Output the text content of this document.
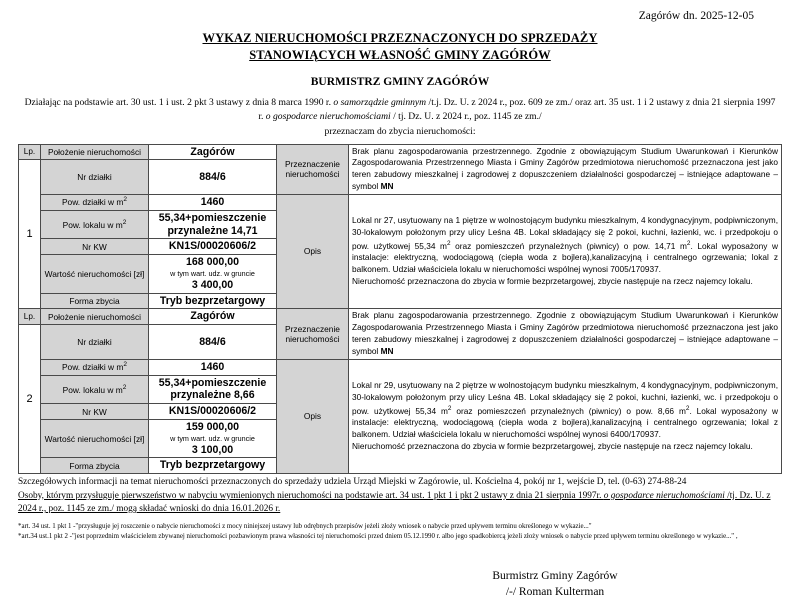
Zagórów dn. 2025-12-05
WYKAZ NIERUCHOMOŚCI PRZEZNACZONYCH DO SPRZEDAŻY
STANOWIĄCYCH WŁASNOŚĆ GMINY ZAGÓRÓW
BURMISTRZ GMINY ZAGÓRÓW
Działając na podstawie art. 30 ust. 1 i ust. 2 pkt 3 ustawy z dnia 8 marca 1990 r. o samorządzie gminnym /t.j. Dz. U. z 2024 r., poz. 609 ze zm./ oraz art. 35 ust. 1 i 2 ustawy z dnia 21 sierpnia 1997 r. o gospodarce nieruchomościami / tj. Dz. U. z 2024 r., poz. 1145 ze zm./
przeznaczam do zbycia nieruchomości:
Lp.	Położenie nieruchomości	Zagórów	Przeznaczenie nieruchomości	Brak planu zagospodarowania przestrzennego. Zgodnie z obowiązującym Studium Uwarunkowań i Kierunków Zagospodarowania Przestrzennego Miasta i Gminy Zagórów przedmiotowa nieruchomość przeznaczona jest jako teren zabudowy mieszkalnej i zagrodowej z dopuszczeniem działalności gospodarczej – istniejące adaptowane – symbol MN
1	Nr działki	884/6		
	Pow. działki w $m^2$	1460	Opis	Lokal nr 27, usytuowany na 1 piętrze w wolnostojącym budynku mieszkalnym, 4 kondygnacyjnym, podpiwniczonym, 30-lokalowym położonym przy ulicy Leśna 4B. Lokal składający się 2 pokoi, kuchni, łazienki, wc. i przedpokoju o pow. użytkowej 55,34 $m^2$ oraz pomieszczeń przynależnych (piwnicy) o pow. 14,71 $m^2$. Lokal wyposażony w instalacje: elektryczną, wodociągową (ciepła woda z bojlera),kanalizacyjną i centralnego ogrzewania; lokal z balkonem. Udział właściciela lokalu w nieruchomości wspólnej wynosi 7005/170937.

Nieruchomość przeznaczona do zbycia w formie bezprzetargowej, zbycie następuje na rzecz najemcy lokalu.

	Pow. lokalu w $m^2$	55,34+pomieszczenie przynależne 14,71		
	Nr KW	KN1S/00020606/2		
	Wartość nieruchomości [zł]	168 000,00
w tym wart. udz. w gruncie
3 400,00		
	Forma zbycia	Tryb bezprzetargowy		
Lp.	Położenie nieruchomości	Zagórów	Przeznaczenie nieruchomości	Brak planu zagospodarowania przestrzennego. Zgodnie z obowiązującym Studium Uwarunkowań i Kierunków Zagospodarowania Przestrzennego Miasta i Gminy Zagórów przedmiotowa nieruchomość przeznaczona jest jako teren zabudowy mieszkalnej i zagrodowej z dopuszczeniem działalności gospodarczej – istniejące adaptowane – symbol MN
2	Nr działki	884/6		
	Pow. działki w $m^2$	1460	Opis	Lokal nr 29, usytuowany na 2 piętrze w wolnostojącym budynku mieszkalnym, 4 kondygnacyjnym, podpiwniczonym, 30-lokalowym położonym przy ulicy Leśna 4B. Lokal składający się 2 pokoi, kuchni, łazienki, wc. i przedpokoju o pow. użytkowej 55,34 $m^2$ oraz pomieszczeń przynależnych (piwnicy) o pow. 8,66 $m^2$. Lokal wyposażony w instalacje: elektryczną, wodociągową (ciepła woda z bojlera),kanalizacyjną i centralnego ogrzewania; lokal z balkonem. Udział właściciela lokalu w nieruchomości wspólnej wynosi 6400/170937.

Nieruchomość przeznaczona do zbycia w formie bezprzetargowej, zbycie następuje na rzecz najemcy lokalu.

	Pow. lokalu w $m^2$	55,34+pomieszczenie przynależne 8,66		
	Nr KW	KN1S/00020606/2		
	Wartość nieruchomości [zł]	159 000,00
w tym wart. udz. w gruncie
3 100,00		
	Forma zbycia	Tryb bezprzetargowy		
Szczegółowych informacji na temat nieruchomości przeznaczonych do sprzedaży udziela Urząd Miejski w Zagórowie, ul. Kościelna 4, pokój nr 1, wejście D, tel. (0-63) 274-88-24
Osoby, którym przysługuje pierwszeństwo w nabyciu wymienionych nieruchomości na podstawie art. 34 ust. 1 pkt 1 i pkt 2 ustawy z dnia 21 sierpnia 1997r. o gospodarce nieruchomościami /tj. Dz. U. z 2024 r., poz. 1145 ze zm./ mogą składać wnioski do dnia 16.01.2026 r.
*art. 34 ust. 1 pkt 1 -"przysługuje jej roszczenie o nabycie nieruchomości z mocy niniejszej ustawy lub odrębnych przepisów jeżeli złoży wniosek o nabycie przed upływem terminu określonego w wykazie..."
*art.34 ust.1 pkt 2 -"jest poprzednim właścicielem zbywanej nieruchomości pozbawionym prawa własności tej nieruchomości przed dniem 05.12.1990 r. albo jego spadkobiercą jeżeli złoży wniosek o nabycie przed upływem terminu określonego w wykazie..." ,
Burmistrz Gminy Zagórów
/-/ Roman Kulterman
